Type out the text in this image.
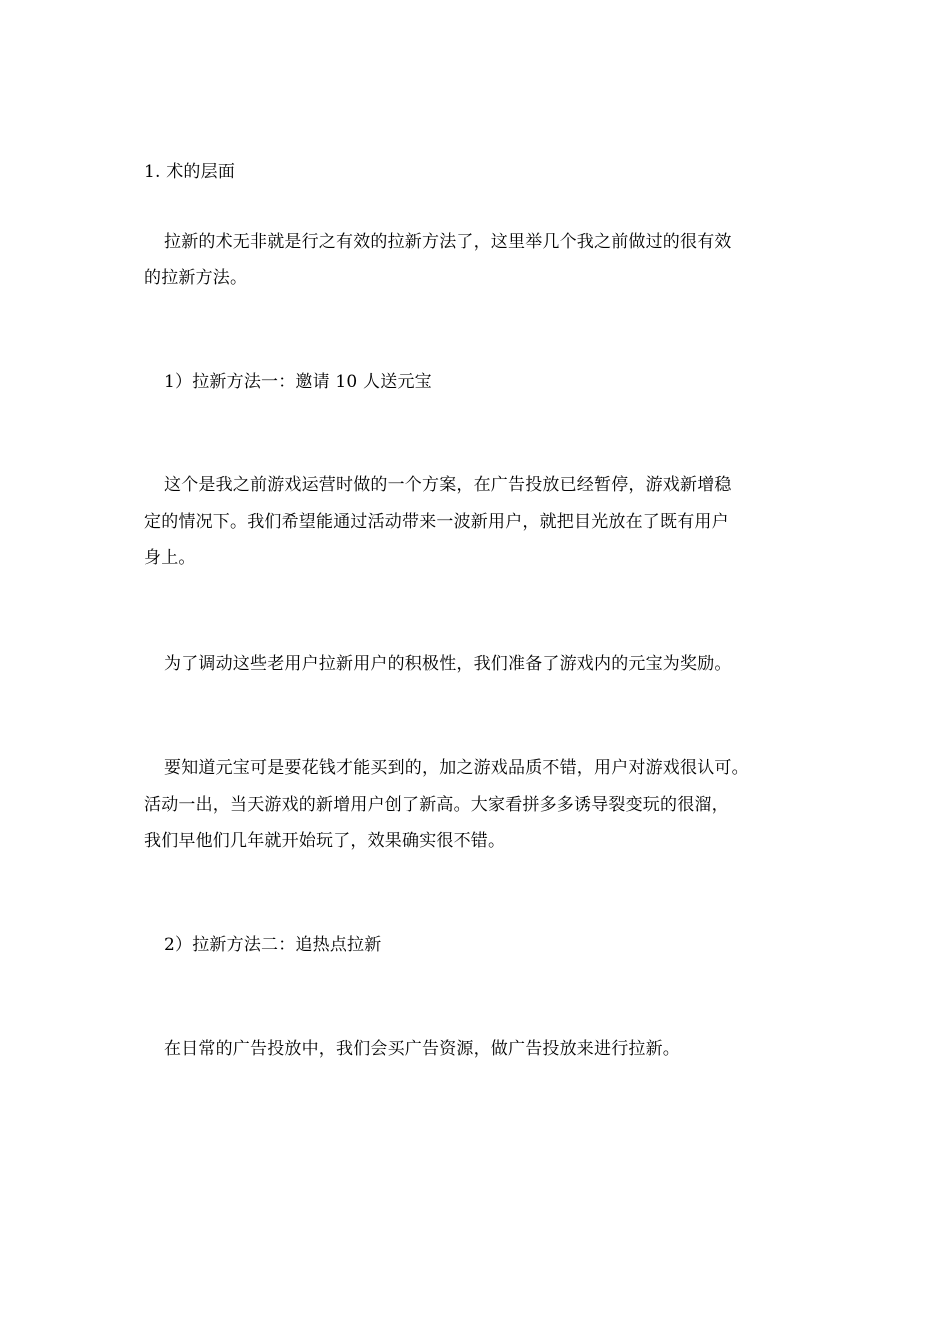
1. 术的层面
拉新的术无非就是行之有效的拉新方法了，这里举几个我之前做过的很有效
的拉新方法。
1）拉新方法一：邀请 10 人送元宝
这个是我之前游戏运营时做的一个方案，在广告投放已经暂停，游戏新增稳
定的情况下。我们希望能通过活动带来一波新用户，就把目光放在了既有用户
身上。
为了调动这些老用户拉新用户的积极性，我们准备了游戏内的元宝为奖励。
要知道元宝可是要花钱才能买到的，加之游戏品质不错，用户对游戏很认可。
活动一出，当天游戏的新增用户创了新高。大家看拼多多诱导裂变玩的很溜，
我们早他们几年就开始玩了，效果确实很不错。
2）拉新方法二：追热点拉新
在日常的广告投放中，我们会买广告资源，做广告投放来进行拉新。
